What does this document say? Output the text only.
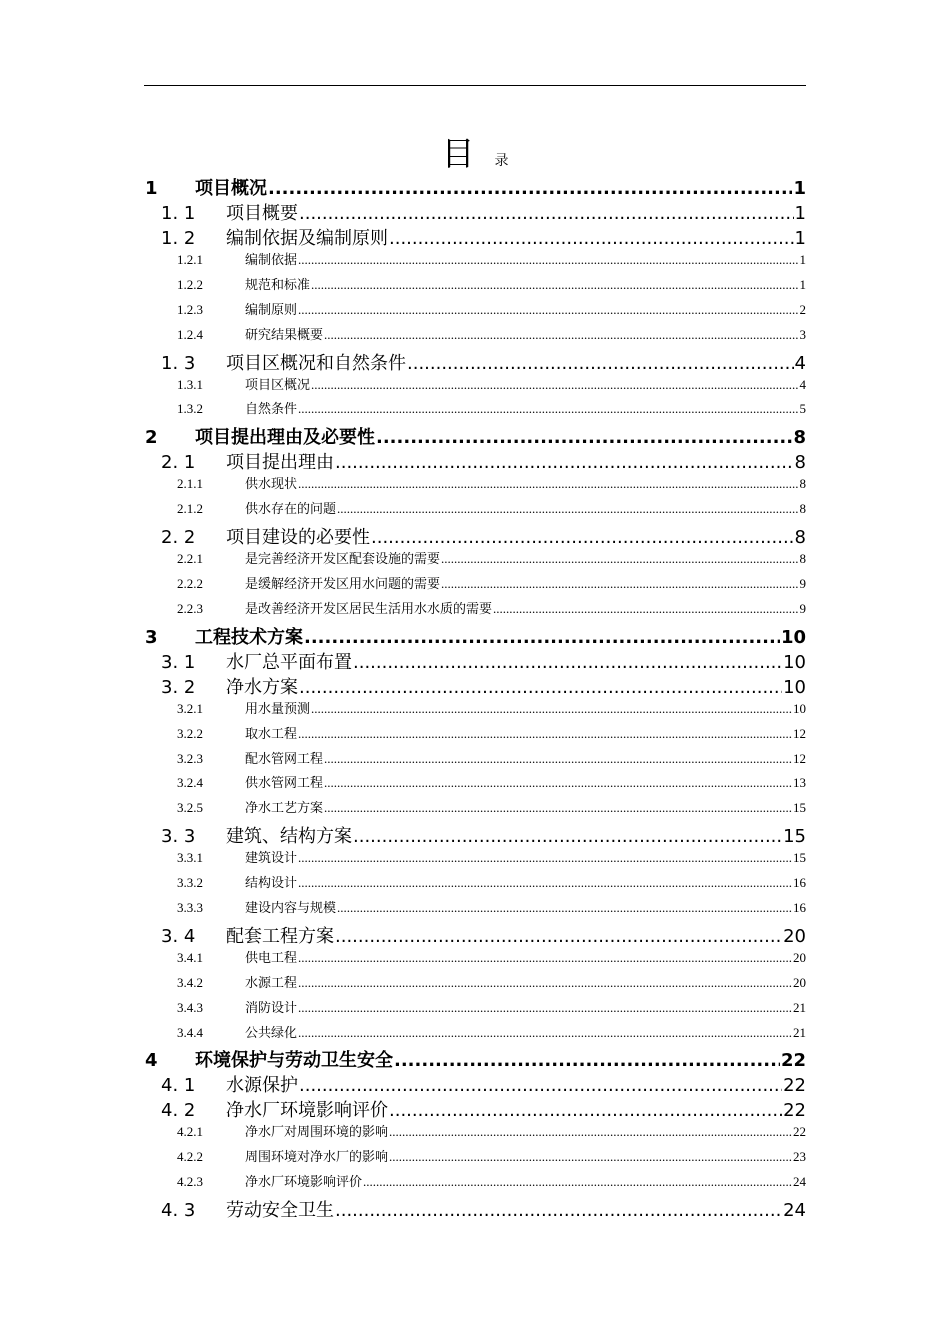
目 录
1	项目概况 .....	1
1. 1	项目概要 .....	1
1. 2	编制依据及编制原则 .....	1
1.2.1	编制依据 .....	1
1.2.2	规范和标准 .....	1
1.2.3	编制原则 .....	2
1.2.4	研究结果概要 .....	3
1. 3	项目区概况和自然条件 .....	4
1.3.1	项目区概况 .....	4
1.3.2	自然条件 .....	5
2	项目提出理由及必要性 .....	8
2. 1	项目提出理由 .....	8
2.1.1	供水现状 .....	8
2.1.2	供水存在的问题 .....	8
2. 2	项目建设的必要性 .....	8
2.2.1	是完善经济开发区配套设施的需要 .....	8
2.2.2	是缓解经济开发区用水问题的需要 .....	9
2.2.3	是改善经济开发区居民生活用水水质的需要 .....	9
3	工程技术方案 .....	10
3. 1	水厂总平面布置 .....	10
3. 2	净水方案 .....	10
3.2.1	用水量预测 .....	10
3.2.2	取水工程 .....	12
3.2.3	配水管网工程 .....	12
3.2.4	供水管网工程 .....	13
3.2.5	净水工艺方案 .....	15
3. 3	建筑、结构方案 .....	15
3.3.1	建筑设计 .....	15
3.3.2	结构设计 .....	16
3.3.3	建设内容与规模 .....	16
3. 4	配套工程方案 .....	20
3.4.1	供电工程 .....	20
3.4.2	水源工程 .....	20
3.4.3	消防设计 .....	21
3.4.4	公共绿化 .....	21
4	环境保护与劳动卫生安全 .....	22
4. 1	水源保护 .....	22
4. 2	净水厂环境影响评价 .....	22
4.2.1	净水厂对周围环境的影响 .....	22
4.2.2	周围环境对净水厂的影响 .....	23
4.2.3	净水厂环境影响评价 .....	24
4. 3	劳动安全卫生 .....	24
